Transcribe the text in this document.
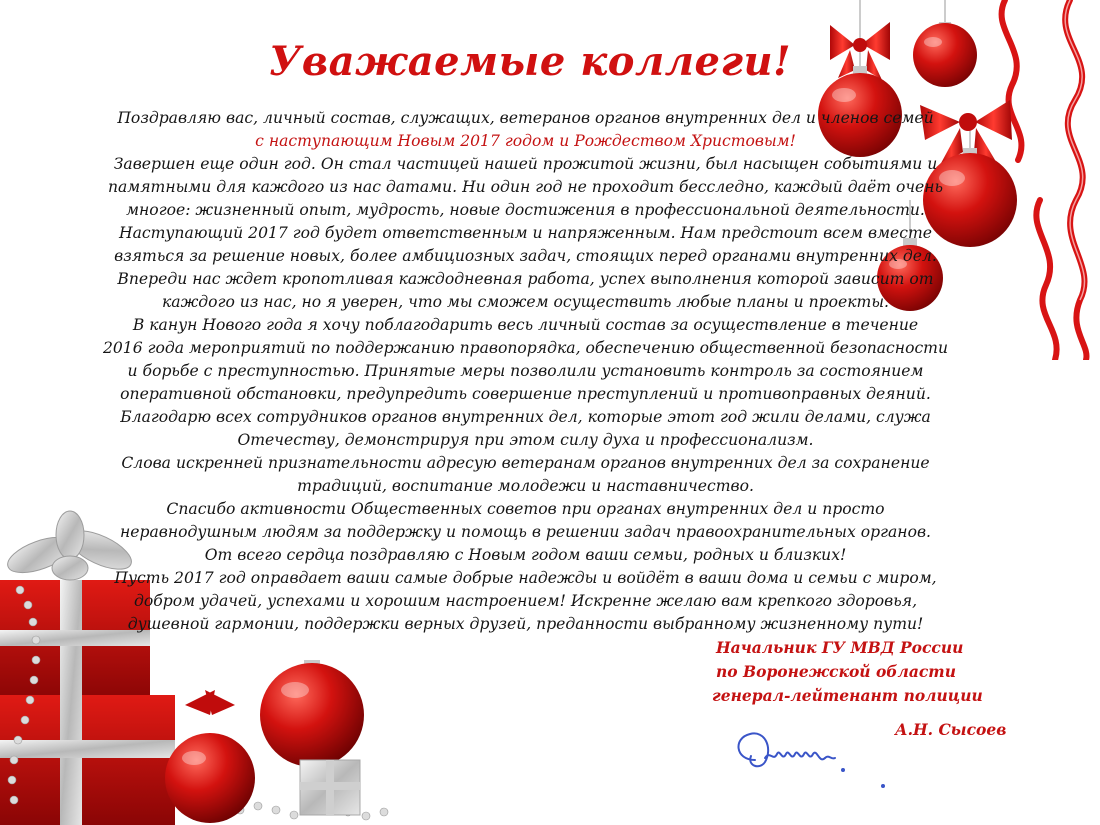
Уважаемые коллеги!
Поздравляю вас, личный состав, служащих, ветеранов органов внутренних дел и членов семей
с наступающим Новым 2017 годом и Рождеством Христовым!
Завершен еще один год. Он стал частицей нашей прожитой жизни, был насыщен событиями и
памятными для каждого из нас датами. Ни один год не проходит бесследно, каждый даёт очень
многое: жизненный опыт, мудрость, новые достижения в профессиональной деятельности.
Наступающий 2017 год будет ответственным и напряженным. Нам предстоит всем вместе
взяться за решение новых, более амбициозных задач, стоящих перед органами внутренних дел.
Впереди нас ждет кропотливая каждодневная работа, успех выполнения которой зависит от
каждого из нас, но я уверен, что мы сможем осуществить любые планы и проекты.
В канун Нового года я хочу поблагодарить весь личный состав за осуществление в течение
2016 года мероприятий по поддержанию правопорядка, обеспечению общественной безопасности
и борьбе с преступностью. Принятые меры позволили установить контроль за состоянием
оперативной обстановки, предупредить совершение преступлений и противоправных деяний.
Благодарю всех сотрудников органов внутренних дел, которые этот год жили делами, служа
Отечеству, демонстрируя при этом силу духа и профессионализм.
Слова искренней признательности адресую ветеранам органов внутренних дел за сохранение
традиций, воспитание молодежи и наставничество.
Спасибо активности Общественных советов при органах внутренних дел и просто
неравнодушным людям за поддержку и помощь в решении задач правоохранительных органов.
От всего сердца поздравляю с Новым годом ваши семьи, родных и близких!
Пусть 2017 год оправдает ваши самые добрые надежды и войдёт в ваши дома и семьи с миром,
добром удачей, успехами и хорошим настроением! Искренне желаю вам крепкого здоровья,
душевной гармонии, поддержки верных друзей, преданности выбранному жизненному пути!
Начальник ГУ МВД России
по Воронежской области
генерал-лейтенант полиции
А.Н. Сысоев
